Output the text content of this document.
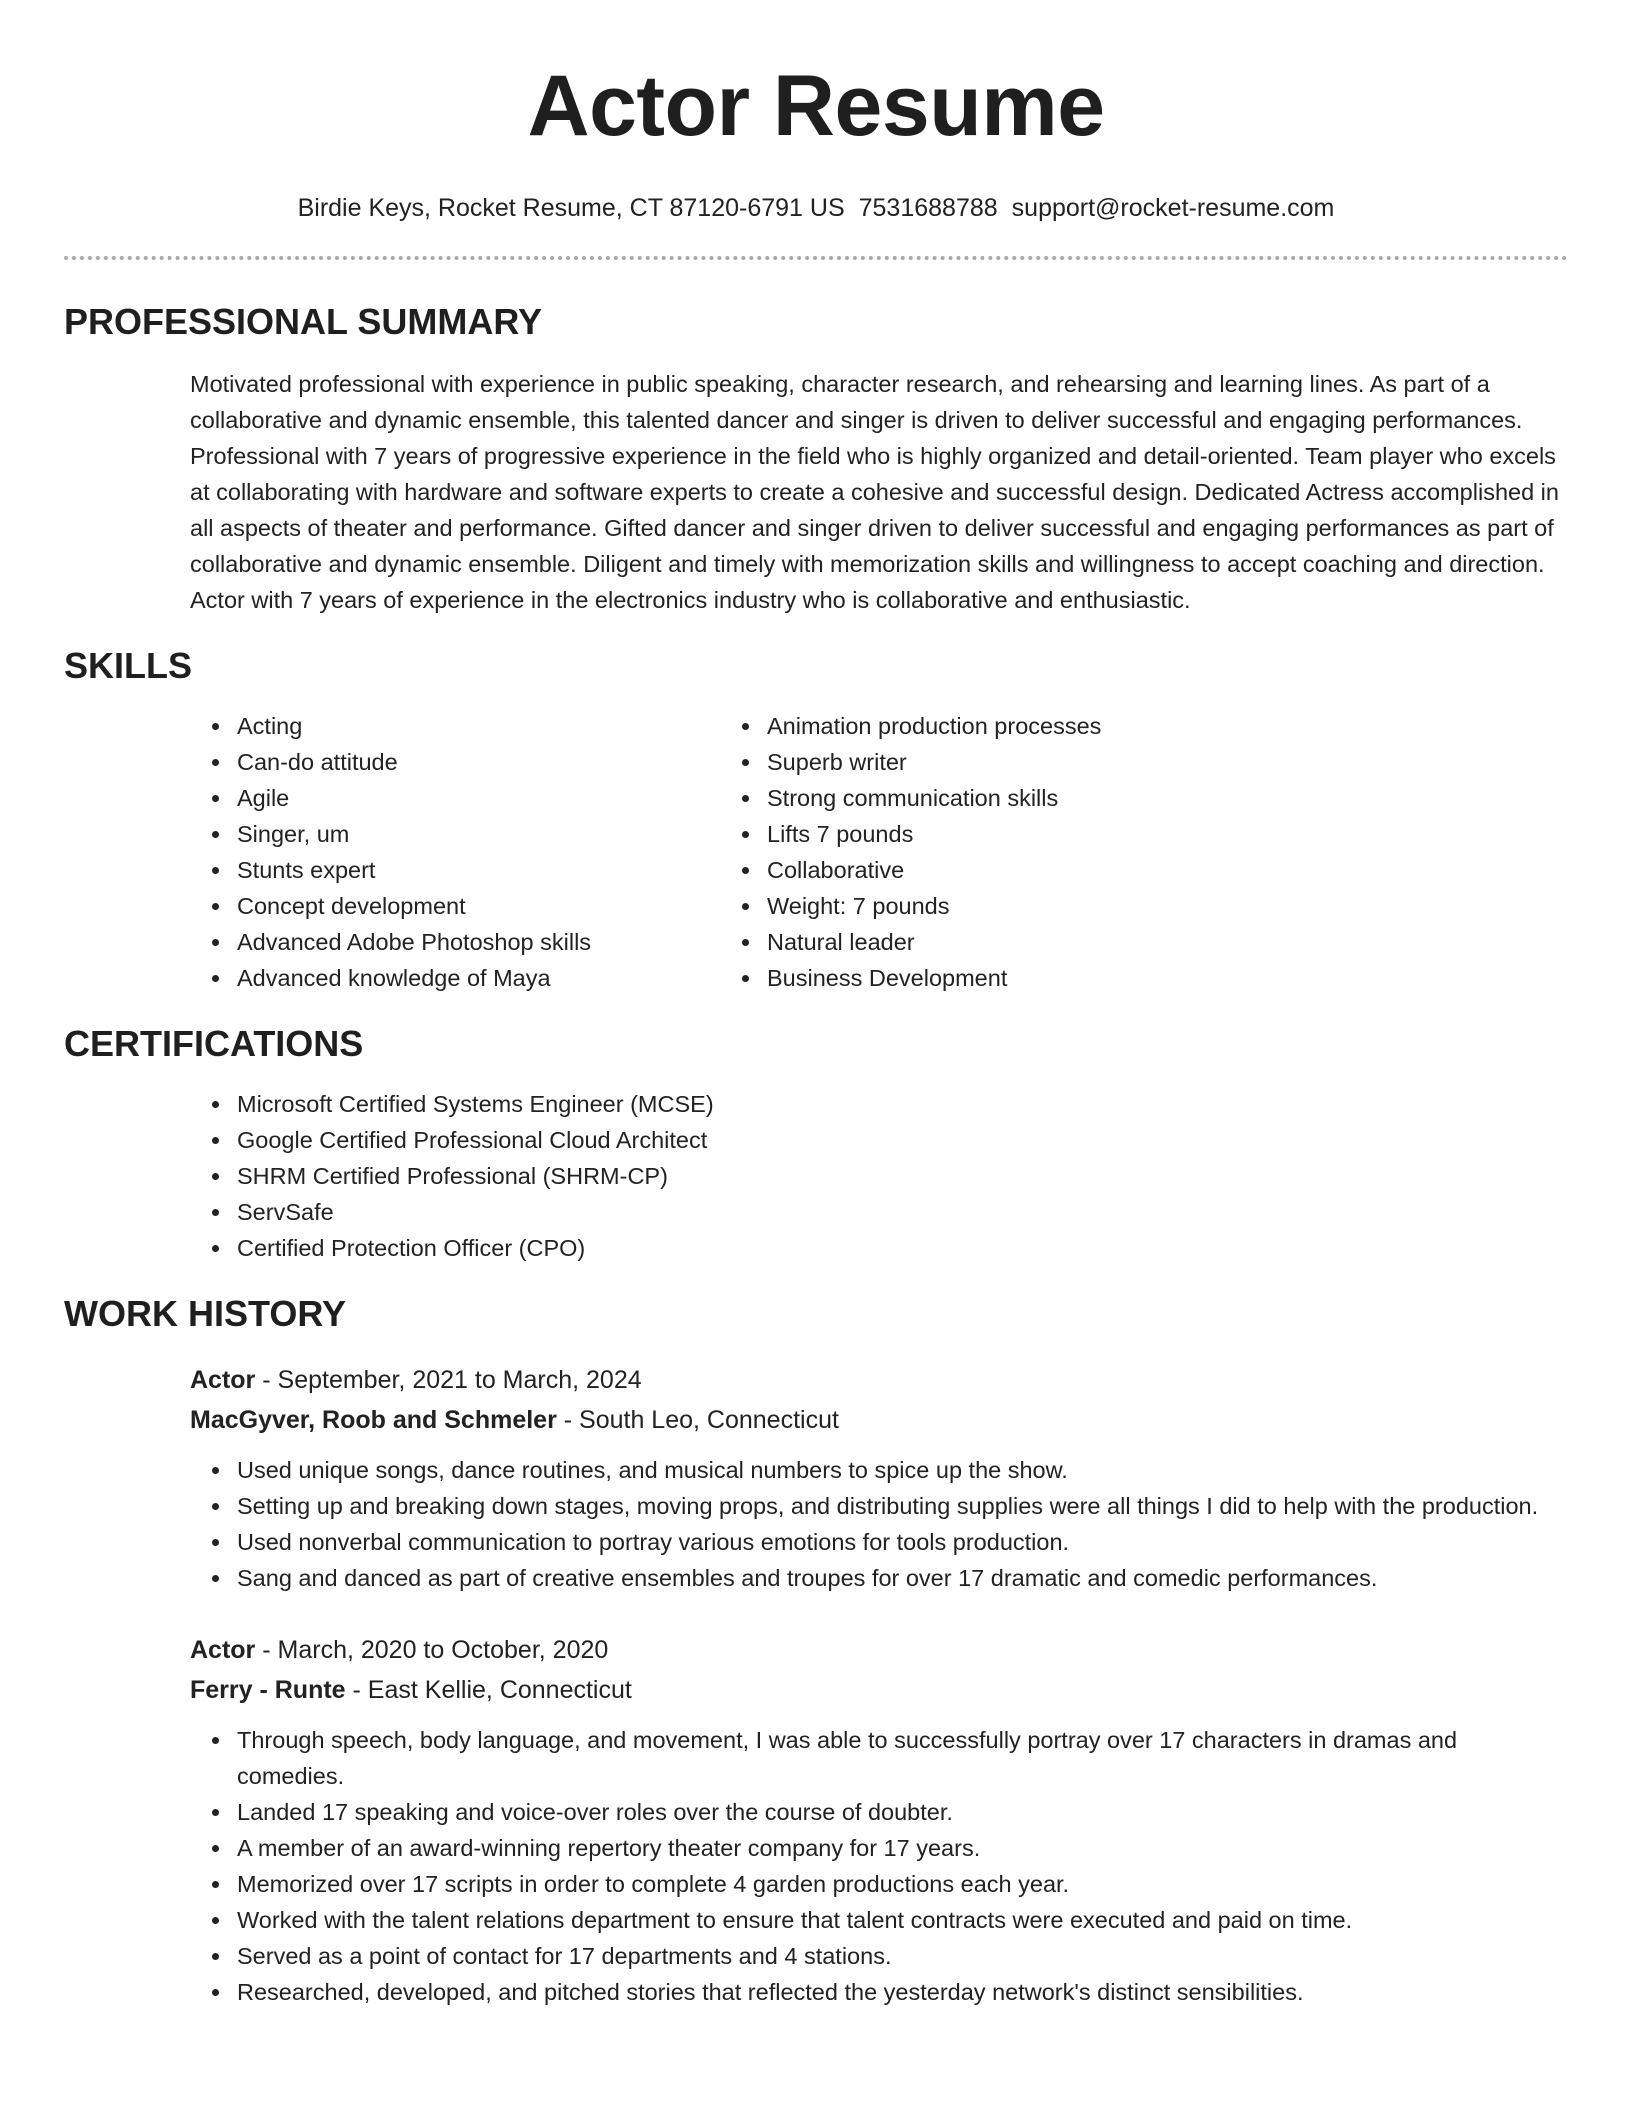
Actor Resume
Birdie Keys, Rocket Resume, CT 87120-6791 US 7531688788 support@rocket-resume.com
PROFESSIONAL SUMMARY

Motivated professional with experience in public speaking, character research, and rehearsing and learning lines. As part of a collaborative and dynamic ensemble, this talented dancer and singer is driven to deliver successful and engaging performances. Professional with 7 years of progressive experience in the field who is highly organized and detail-oriented. Team player who excels at collaborating with hardware and software experts to create a cohesive and successful design. Dedicated Actress accomplished in all aspects of theater and performance. Gifted dancer and singer driven to deliver successful and engaging performances as part of collaborative and dynamic ensemble. Diligent and timely with memorization skills and willingness to accept coaching and direction. Actor with 7 years of experience in the electronics industry who is collaborative and enthusiastic.

SKILLS
• Acting
• Can-do attitude
• Agile
• Singer, um
• Stunts expert
• Concept development
• Advanced Adobe Photoshop skills
• Advanced knowledge of Maya
• Animation production processes
• Superb writer
• Strong communication skills
• Lifts 7 pounds
• Collaborative
• Weight: 7 pounds
• Natural leader
• Business Development
CERTIFICATIONS
• Microsoft Certified Systems Engineer (MCSE)
• Google Certified Professional Cloud Architect
• SHRM Certified Professional (SHRM-CP)
• ServSafe
• Certified Protection Officer (CPO)
WORK HISTORY
Actor - September, 2021 to March, 2024
MacGyver, Roob and Schmeler - South Leo, Connecticut
• Used unique songs, dance routines, and musical numbers to spice up the show.
• Setting up and breaking down stages, moving props, and distributing supplies were all things I did to help with the production.
• Used nonverbal communication to portray various emotions for tools production.
• Sang and danced as part of creative ensembles and troupes for over 17 dramatic and comedic performances.
Actor - March, 2020 to October, 2020
Ferry - Runte - East Kellie, Connecticut
• Through speech, body language, and movement, I was able to successfully portray over 17 characters in dramas and comedies.
• Landed 17 speaking and voice-over roles over the course of doubter.
• A member of an award-winning repertory theater company for 17 years.
• Memorized over 17 scripts in order to complete 4 garden productions each year.
• Worked with the talent relations department to ensure that talent contracts were executed and paid on time.
• Served as a point of contact for 17 departments and 4 stations.
• Researched, developed, and pitched stories that reflected the yesterday network's distinct sensibilities.
